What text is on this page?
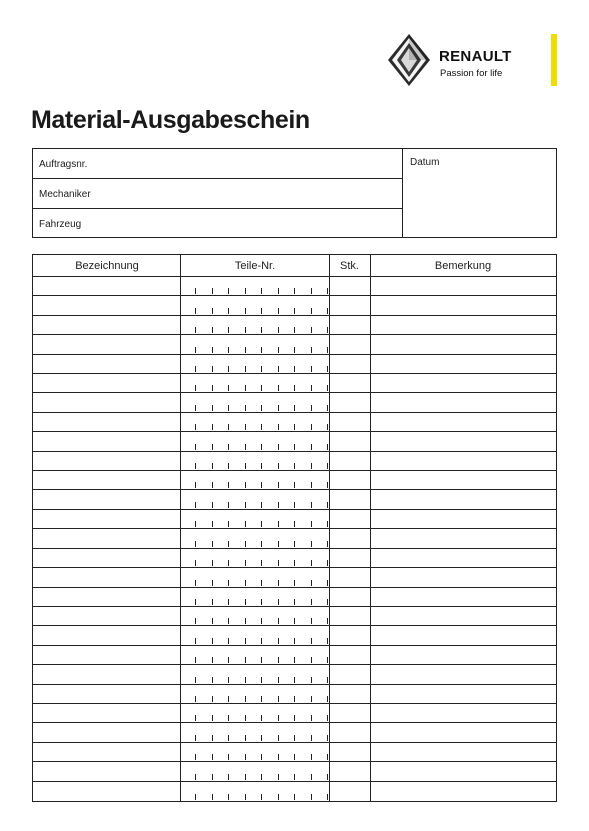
RENAULT
Passion for life
Material-Ausgabeschein
Auftragsnr.
Mechaniker
Fahrzeug
Datum
Bezeichnung	Teile-Nr.	Stk.	Bemerkung
